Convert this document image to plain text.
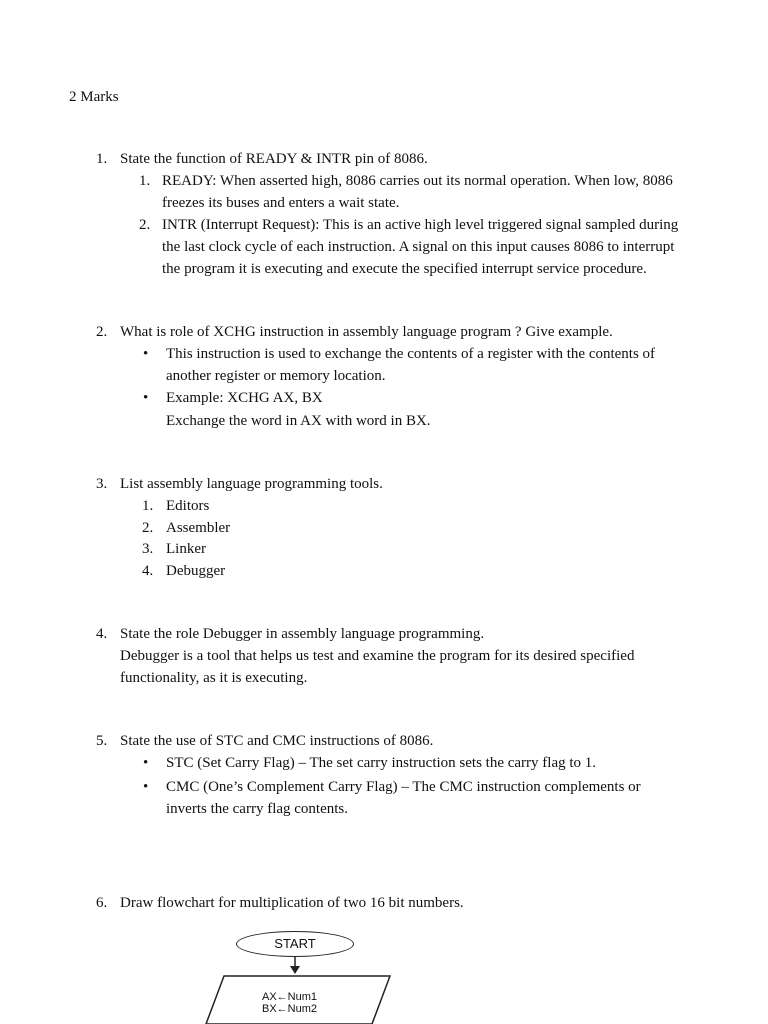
2 Marks
1. State the function of READY & INTR pin of 8086.
1. READY: When asserted high, 8086 carries out its normal operation. When low, 8086
freezes its buses and enters a wait state.
2. INTR (Interrupt Request): This is an active high level triggered signal sampled during
the last clock cycle of each instruction. A signal on this input causes 8086 to interrupt
the program it is executing and execute the specified interrupt service procedure.
2. What is role of XCHG instruction in assembly language program ? Give example.
• This instruction is used to exchange the contents of a register with the contents of
another register or memory location.
• Example: XCHG AX, BX
Exchange the word in AX with word in BX.
3. List assembly language programming tools.
1. Editors
2. Assembler
3. Linker
4. Debugger
4. State the role Debugger in assembly language programming.
Debugger is a tool that helps us test and examine the program for its desired specified
functionality, as it is executing.
5. State the use of STC and CMC instructions of 8086.
• STC (Set Carry Flag) – The set carry instruction sets the carry flag to 1.
• CMC (One’s Complement Carry Flag) – The CMC instruction complements or
inverts the carry flag contents.
6. Draw flowchart for multiplication of two 16 bit numbers.
START
AX←Num1
BX←Num2
